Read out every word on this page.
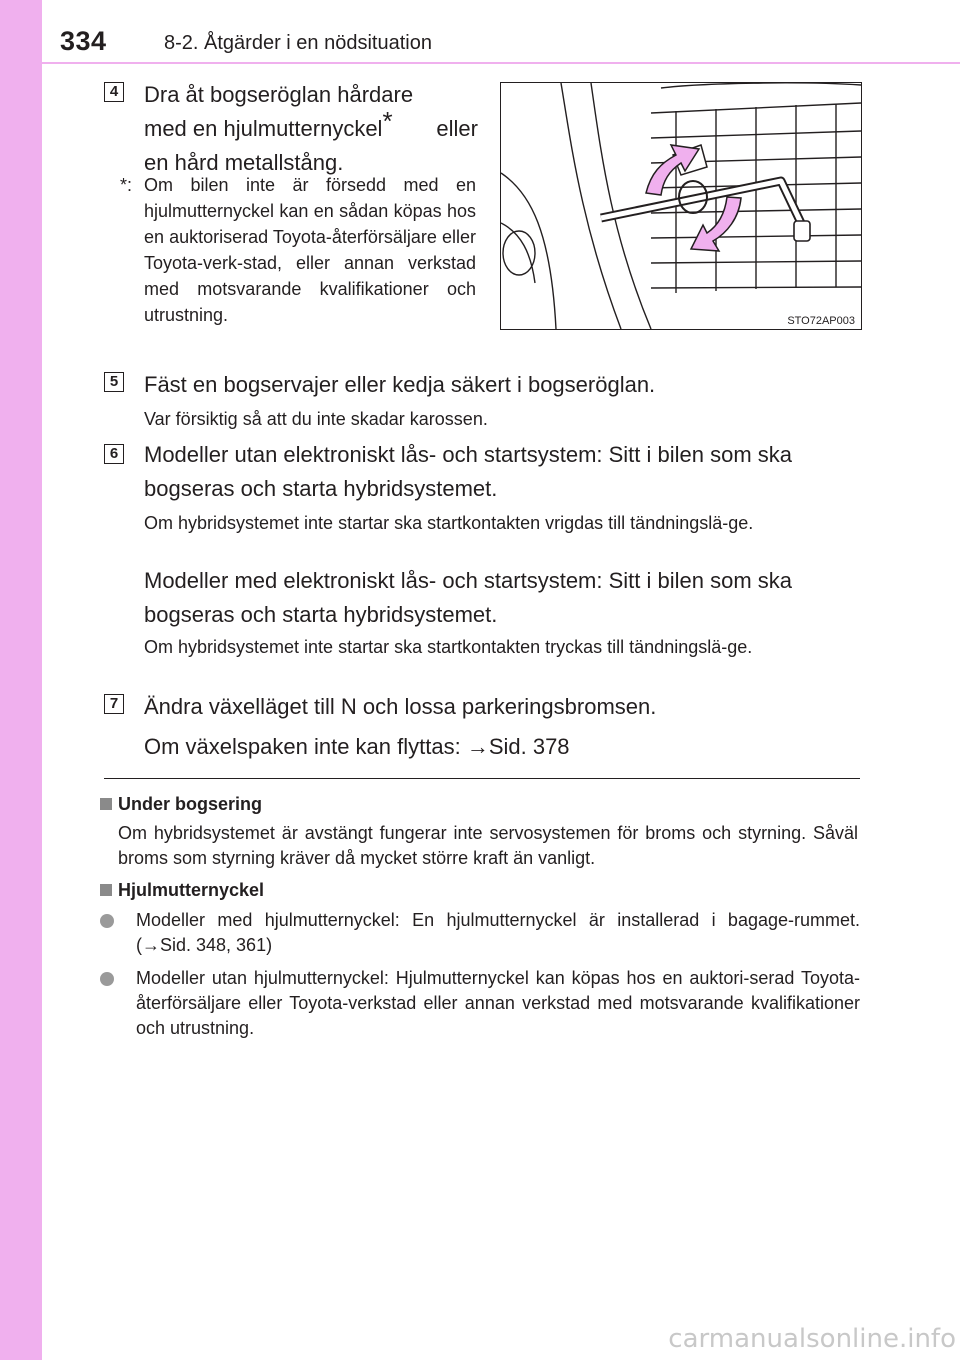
334	8-2. Åtgärder i en nödsituation
4 Dra åt bogseröglan hårdare
med en hjulmutternyckel* eller
en hård metallstång.
*: Om bilen inte är försedd med en hjulmutternyckel kan en sådan köpas hos en auktoriserad Toyota-återförsäljare eller Toyota-verk-stad, eller annan verkstad med motsvarande kvalifikationer och utrustning.	STO72AP003
5 Fäst en bogservajer eller kedja säkert i bogseröglan.
Var försiktig så att du inte skadar karossen.
6 Modeller utan elektroniskt lås- och startsystem: Sitt i bilen som ska bogseras och starta hybridsystemet.
Om hybridsystemet inte startar ska startkontakten vrigdas till tändningslä-ge.
Modeller med elektroniskt lås- och startsystem: Sitt i bilen som ska bogseras och starta hybridsystemet.
Om hybridsystemet inte startar ska startkontakten tryckas till tändningslä-ge.
7 Ändra växelläget till N och lossa parkeringsbromsen.
Om växelspaken inte kan flyttas: →Sid. 378
Under bogsering
Om hybridsystemet är avstängt fungerar inte servosystemen för broms och styrning. Såväl broms som styrning kräver då mycket större kraft än vanligt.
Hjulmutternyckel
Modeller med hjulmutternyckel: En hjulmutternyckel är installerad i bagage-rummet. (→Sid. 348, 361)
Modeller utan hjulmutternyckel: Hjulmutternyckel kan köpas hos en auktori-serad Toyota-återförsäljare eller Toyota-verkstad eller annan verkstad med motsvarande kvalifikationer och utrustning.
carmanualsonline.info
